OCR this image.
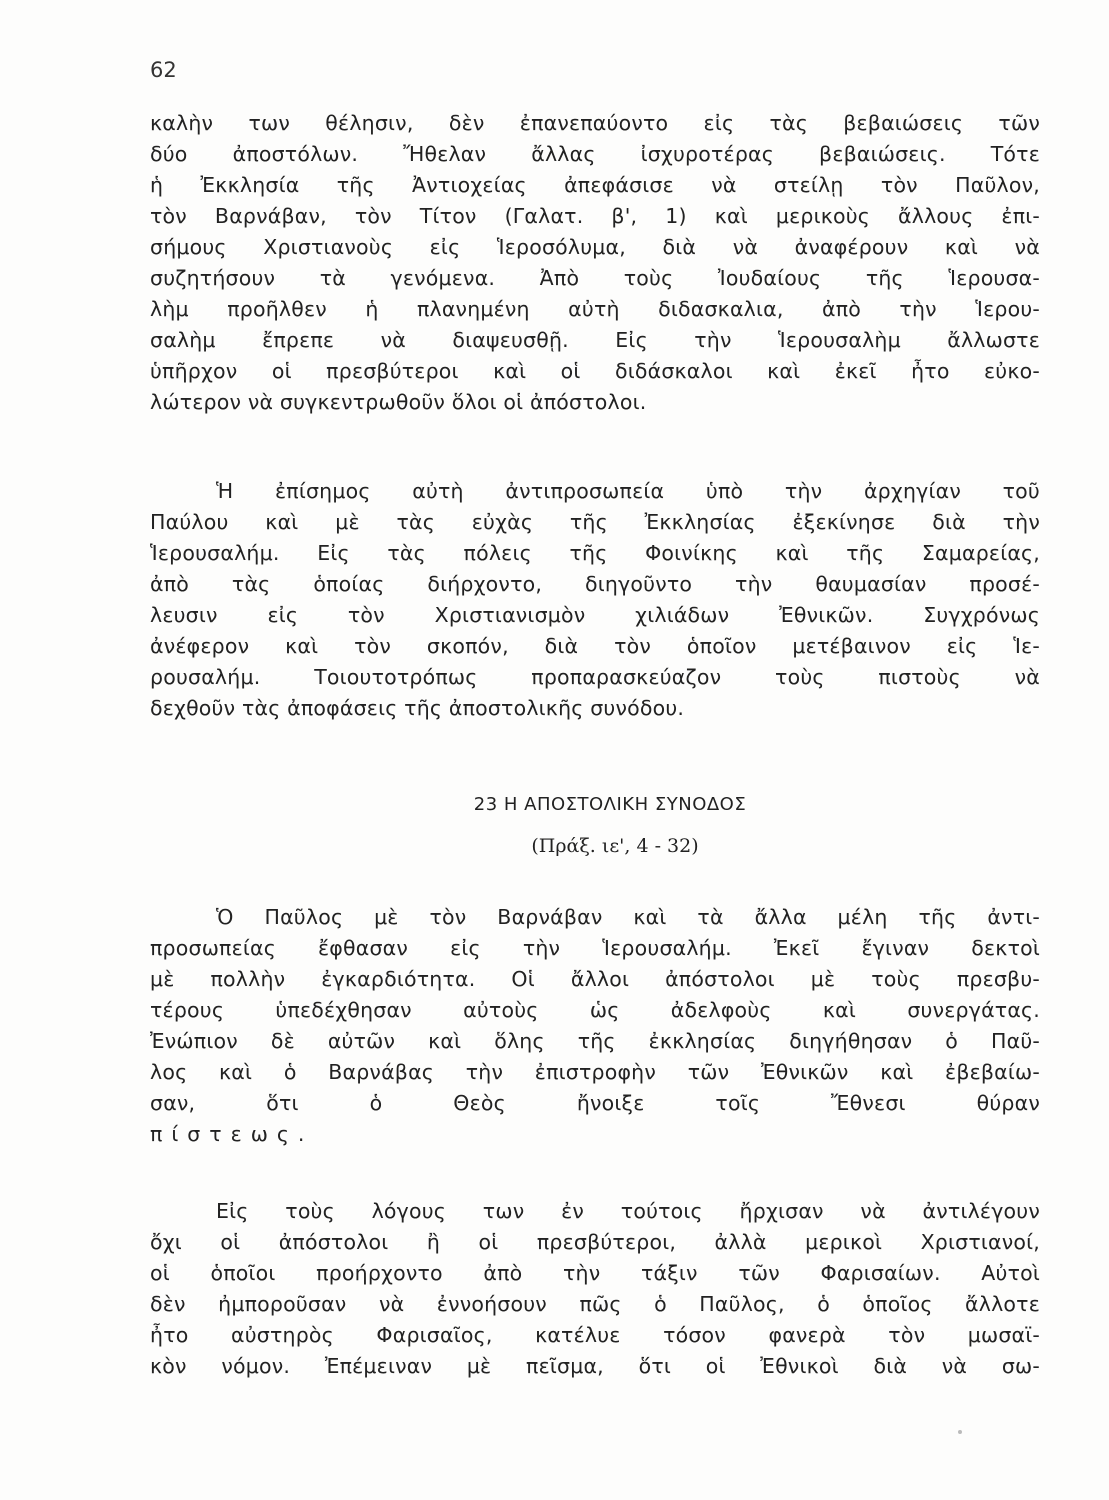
62
καλὴν των θέλησιν, δὲν ἐπανεπαύοντο εἰς τὰς βεβαιώσεις τῶν
δύο ἀποστόλων. Ἤθελαν ἄλλας ἰσχυροτέρας βεβαιώσεις. Τότε
ἡ Ἐκκλησία τῆς Ἀντιοχείας ἀπεφάσισε νὰ στείλῃ τὸν Παῦλον,
τὸν Βαρνάβαν, τὸν Τίτον (Γαλατ. β', 1) καὶ μερικοὺς ἄλλους ἐπι-
σήμους Χριστιανοὺς εἰς Ἱεροσόλυμα, διὰ νὰ ἀναφέρουν καὶ νὰ
συζητήσουν τὰ γενόμενα. Ἀπὸ τοὺς Ἰουδαίους τῆς Ἱερουσα-
λὴμ προῆλθεν ἡ πλανημένη αὐτὴ διδασκαλια, ἀπὸ τὴν Ἱερου-
σαλὴμ ἔπρεπε νὰ διαψευσθῇ. Εἰς τὴν Ἱερουσαλὴμ ἄλλωστε
ὑπῆρχον οἱ πρεσβύτεροι καὶ οἱ διδάσκαλοι καὶ ἐκεῖ ἦτο εὐκο-
λώτερον νὰ συγκεντρωθοῦν ὅλοι οἱ ἀπόστολοι.
Ἡ ἐπίσημος αὐτὴ ἀντιπροσωπεία ὑπὸ τὴν ἀρχηγίαν τοῦ
Παύλου καὶ μὲ τὰς εὐχὰς τῆς Ἐκκλησίας ἐξεκίνησε διὰ τὴν
Ἱερουσαλήμ. Εἰς τὰς πόλεις τῆς Φοινίκης καὶ τῆς Σαμαρείας,
ἀπὸ τὰς ὁποίας διήρχοντο, διηγοῦντο τὴν θαυμασίαν προσέ-
λευσιν εἰς τὸν Χριστιανισμὸν χιλιάδων Ἐθνικῶν. Συγχρόνως
ἀνέφερον καὶ τὸν σκοπόν, διὰ τὸν ὁποῖον μετέβαινον εἰς Ἱε-
ρουσαλήμ. Τοιουτοτρόπως προπαρασκεύαζον τοὺς πιστοὺς νὰ
δεχθοῦν τὰς ἀποφάσεις τῆς ἀποστολικῆς συνόδου.
23 Η ΑΠΟΣΤΟΛΙΚΗ ΣΥΝΟΔΟΣ
(Πράξ. ιε', 4 - 32)
Ὁ Παῦλος μὲ τὸν Βαρνάβαν καὶ τὰ ἄλλα μέλη τῆς ἀντι-
προσωπείας ἔφθασαν εἰς τὴν Ἱερουσαλήμ. Ἐκεῖ ἔγιναν δεκτοὶ
μὲ πολλὴν ἐγκαρδιότητα. Οἱ ἄλλοι ἀπόστολοι μὲ τοὺς πρεσβυ-
τέρους ὑπεδέχθησαν αὐτοὺς ὡς ἀδελφοὺς καὶ συνεργάτας.
Ἐνώπιον δὲ αὐτῶν καὶ ὅλης τῆς ἐκκλησίας διηγήθησαν ὁ Παῦ-
λος καὶ ὁ Βαρνάβας τὴν ἐπιστροφὴν τῶν Ἐθνικῶν καὶ ἐβεβαίω-
σαν, ὅτι ὁ Θεὸς ἤνοιξε τοῖς Ἔθνεσι θύραν
πίστεως.
Εἰς τοὺς λόγους των ἐν τούτοις ἤρχισαν νὰ ἀντιλέγουν
ὄχι οἱ ἀπόστολοι ἢ οἱ πρεσβύτεροι, ἀλλὰ μερικοὶ Χριστιανοί,
οἱ ὁποῖοι προήρχοντο ἀπὸ τὴν τάξιν τῶν Φαρισαίων. Αὐτοὶ
δὲν ἠμποροῦσαν νὰ ἐννοήσουν πῶς ὁ Παῦλος, ὁ ὁποῖος ἄλλοτε
ἦτο αὐστηρὸς Φαρισαῖος, κατέλυε τόσον φανερὰ τὸν μωσαϊ-
κὸν νόμον. Ἐπέμειναν μὲ πεῖσμα, ὅτι οἱ Ἐθνικοὶ διὰ νὰ σω-
